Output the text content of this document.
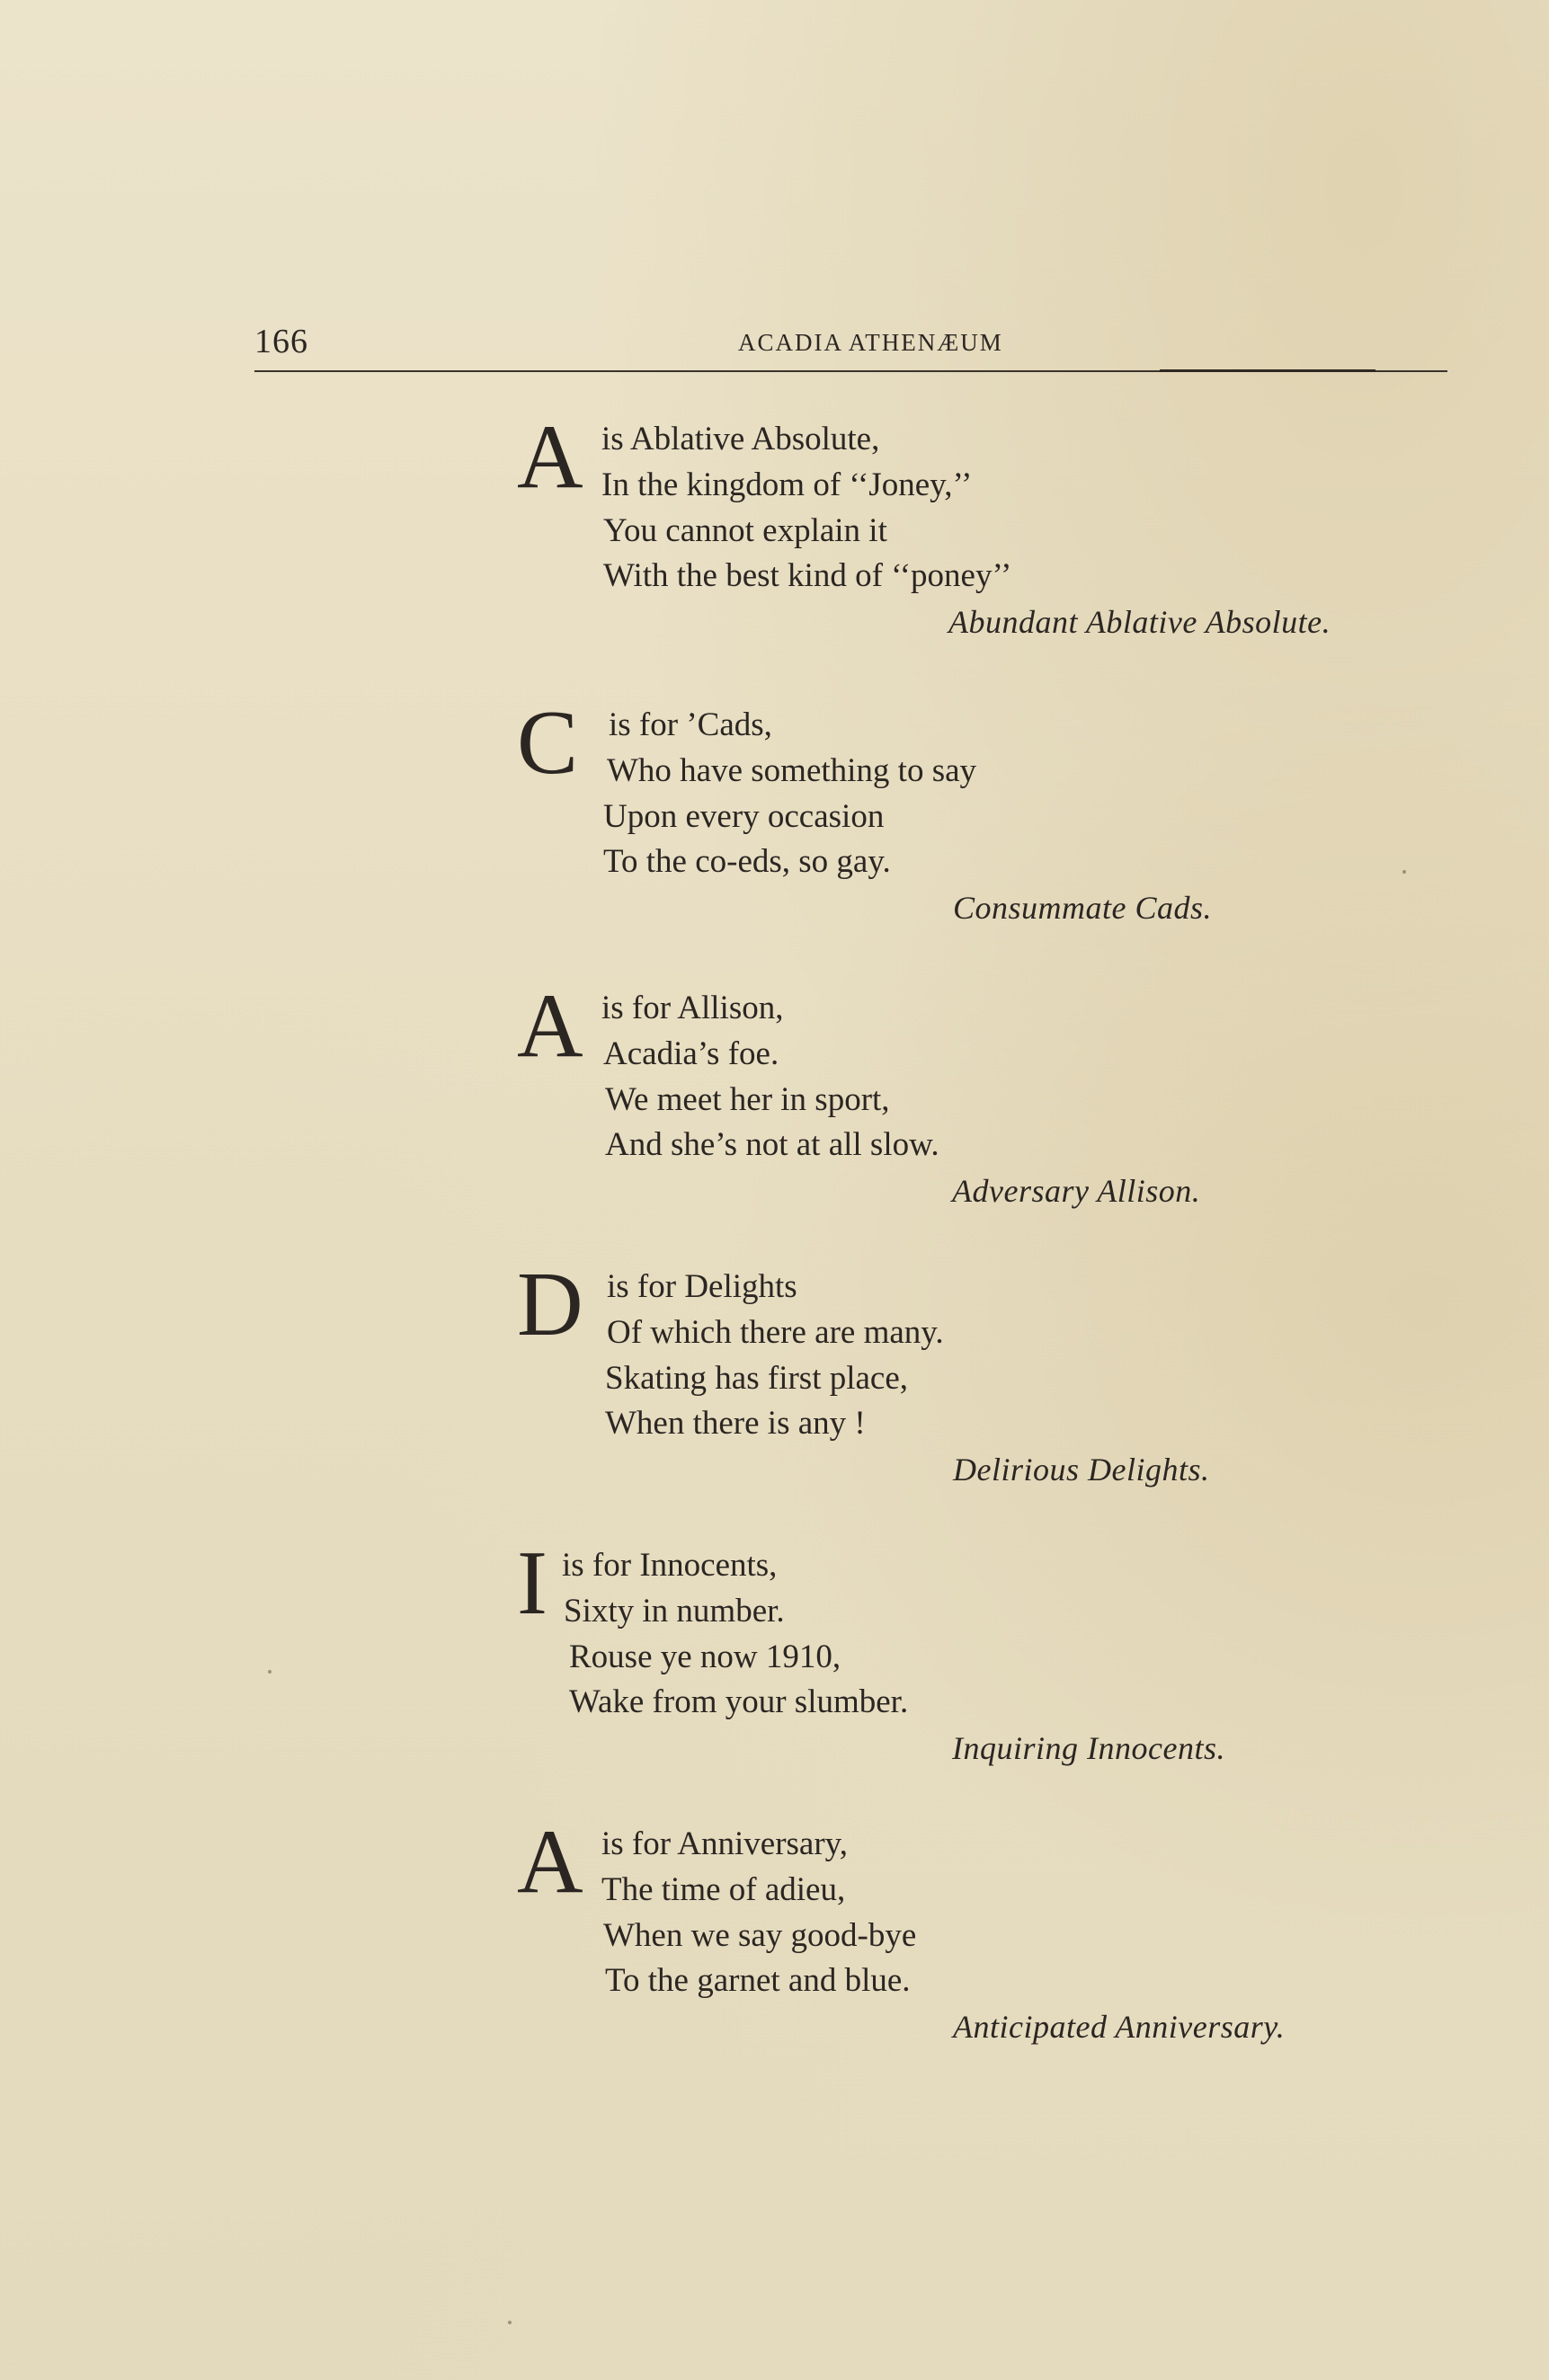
166	ACADIA ATHENÆUM
A is Ablative Absolute,
In the kingdom of ‘‘Joney,’’
You cannot explain it
With the best kind of ‘‘poney’’
Abundant Ablative Absolute.
C is for ’Cads,
Who have something to say
Upon every occasion
To the co-eds, so gay.
Consummate Cads.
A is for Allison,
Acadia’s foe.
We meet her in sport,
And she’s not at all slow.
Adversary Allison.
D is for Delights
Of which there are many.
Skating has first place,
When there is any !
Delirious Delights.
I is for Innocents,
Sixty in number.
Rouse ye now 1910,
Wake from your slumber.
Inquiring Innocents.
A is for Anniversary,
The time of adieu,
When we say good-bye
To the garnet and blue.
Anticipated Anniversary.
